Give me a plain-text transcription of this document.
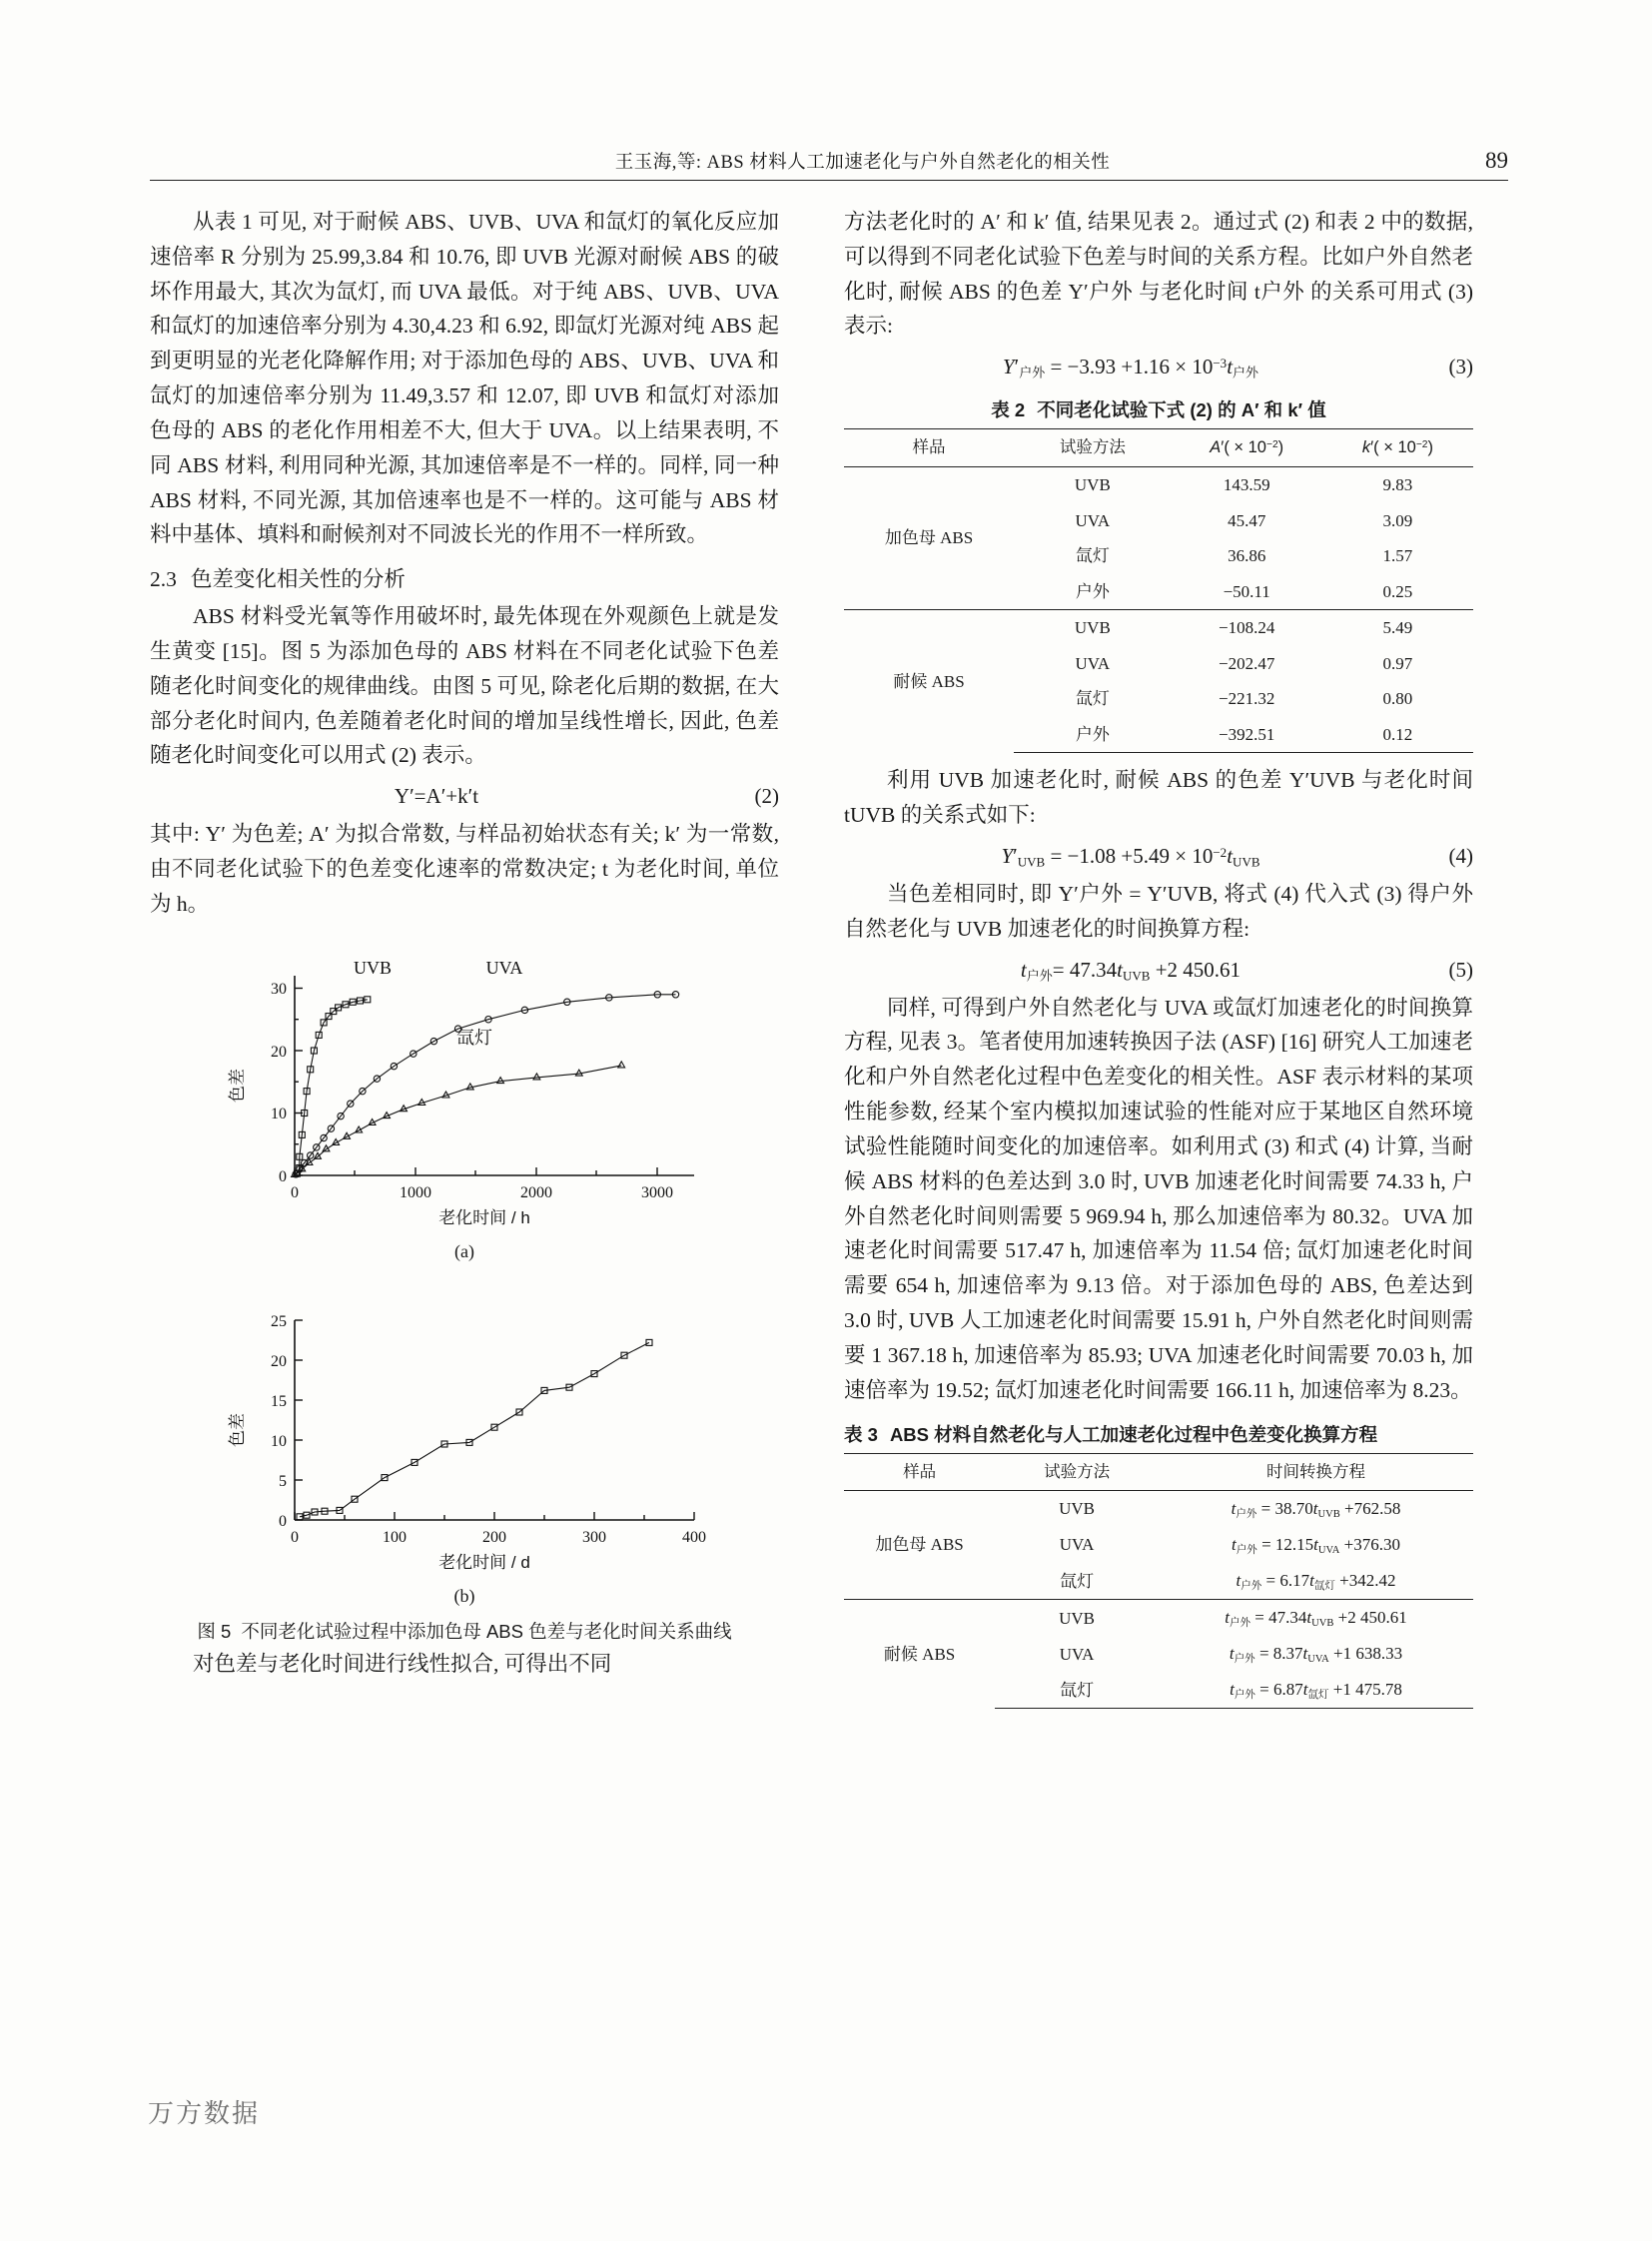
王玉海,等: ABS 材料人工加速老化与户外自然老化的相关性	89

从表 1 可见, 对于耐候 ABS、UVB、UVA 和氙灯的氧化反应加速倍率 R 分别为 25.99,3.84 和 10.76, 即 UVB 光源对耐候 ABS 的破坏作用最大, 其次为氙灯, 而 UVA 最低。对于纯 ABS、UVB、UVA 和氙灯的加速倍率分别为 4.30,4.23 和 6.92, 即氙灯光源对纯 ABS 起到更明显的光老化降解作用; 对于添加色母的 ABS、UVB、UVA 和氙灯的加速倍率分别为 11.49,3.57 和 12.07, 即 UVB 和氙灯对添加色母的 ABS 的老化作用相差不大, 但大于 UVA。以上结果表明, 不同 ABS 材料, 利用同种光源, 其加速倍率是不一样的。同样, 同一种 ABS 材料, 不同光源, 其加倍速率也是不一样的。这可能与 ABS 材料中基体、填料和耐候剂对不同波长光的作用不一样所致。

2.3 色差变化相关性的分析

ABS 材料受光氧等作用破坏时, 最先体现在外观颜色上就是发生黄变 [15]。图 5 为添加色母的 ABS 材料在不同老化试验下色差随老化时间变化的规律曲线。由图 5 可见, 除老化后期的数据, 在大部分老化时间内, 色差随着老化时间的增加呈线性增长, 因此, 色差随老化时间变化可以用式 (2) 表示。

Y′=A′+k′t	(2)

其中: Y′ 为色差; A′ 为拟合常数, 与样品初始状态有关; k′ 为一常数, 由不同老化试验下的色差变化速率的常数决定; t 为老化时间, 单位为 h。

0	1000	2000	3000
0
10
20
30
色差
老化时间 / h
UVB	UVA
氙灯

(a)

0	100	200	300	400
0
5
10
15
20
25
色差
老化时间 / d

(b)

图 5 不同老化试验过程中添加色母 ABS 色差与老化时间关系曲线

对色差与老化时间进行线性拟合, 可得出不同

方法老化时的 A′ 和 k′ 值, 结果见表 2。通过式 (2) 和表 2 中的数据, 可以得到不同老化试验下色差与时间的关系方程。比如户外自然老化时, 耐候 ABS 的色差 Y′户外 与老化时间 t户外 的关系可用式 (3) 表示:

$Y'_{户外} = -3.93 +1.16 \times 10^{-3}t_{户外}$	(3)

表 2 不同老化试验下式 (2) 的 A′ 和 k′ 值

样品	试验方法	$A'( \times 10^{-2})$	$k'( \times 10^{-2})$
加色母 ABS	UVB	143.59	9.83
	UVA	45.47	3.09
	氙灯	36.86	1.57
	户外	−50.11	0.25
耐候 ABS	UVB	−108.24	5.49
	UVA	−202.47	0.97
	氙灯	−221.32	0.80
	户外	−392.51	0.12

利用 UVB 加速老化时, 耐候 ABS 的色差 Y′UVB 与老化时间 tUVB 的关系式如下:

$Y'_{UVB} = -1.08 +5.49 \times 10^{-2}t_{UVB}$	(4)

当色差相同时, 即 Y′户外 = Y′UVB, 将式 (4) 代入式 (3) 得户外自然老化与 UVB 加速老化的时间换算方程:

$t_{户外}= 47.34t_{UVB} +2$ 450.61	(5)

同样, 可得到户外自然老化与 UVA 或氙灯加速老化的时间换算方程, 见表 3。笔者使用加速转换因子法 (ASF) [16] 研究人工加速老化和户外自然老化过程中色差变化的相关性。ASF 表示材料的某项性能参数, 经某个室内模拟加速试验的性能对应于某地区自然环境试验性能随时间变化的加速倍率。如利用式 (3) 和式 (4) 计算, 当耐候 ABS 材料的色差达到 3.0 时, UVB 加速老化时间需要 74.33 h, 户外自然老化时间则需要 5 969.94 h, 那么加速倍率为 80.32。UVA 加速老化时间需要 517.47 h, 加速倍率为 11.54 倍; 氙灯加速老化时间需要 654 h, 加速倍率为 9.13 倍。对于添加色母的 ABS, 色差达到 3.0 时, UVB 人工加速老化时间需要 15.91 h, 户外自然老化时间则需要 1 367.18 h, 加速倍率为 85.93; UVA 加速老化时间需要 70.03 h, 加速倍率为 19.52; 氙灯加速老化时间需要 166.11 h, 加速倍率为 8.23。

表 3 ABS 材料自然老化与人工加速老化过程中色差变化换算方程

样品	试验方法	时间转换方程
加色母 ABS	UVB	$t_{户外} = 38.70t_{UVB} +762.58$
	UVA	$t_{户外} = 12.15t_{UVA} +376.30$
	氙灯	$t_{户外} = 6.17t_{氙灯} +342.42$
耐候 ABS	UVB	$t_{户外} = 47.34t_{UVB} +2$ 450.61
	UVA	$t_{户外} = 8.37t_{UVA} +1$ 638.33
	氙灯	$t_{户外} = 6.87t_{氙灯} +1$ 475.78
万方数据
